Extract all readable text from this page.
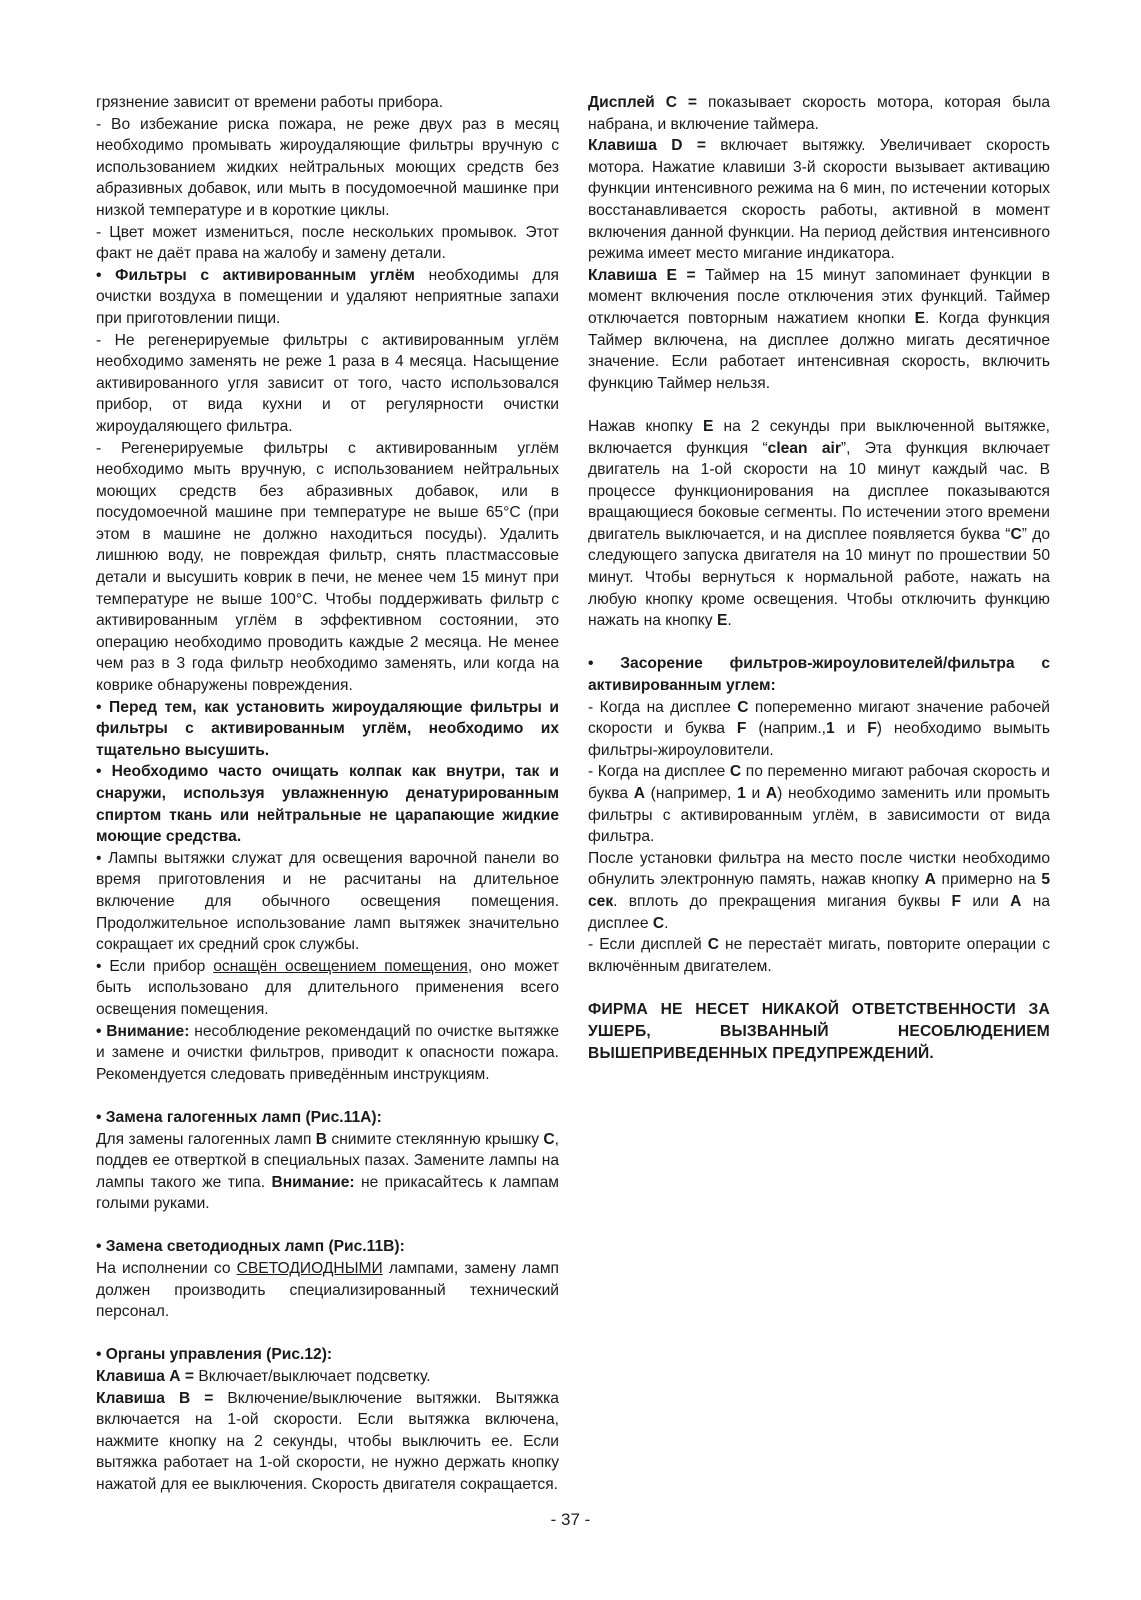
грязнение зависит от времени работы прибора.

- Во избежание риска пожара, не реже двух раз в месяц необходимо промывать жироудаляющие фильтры вручную с использованием жидких нейтральных моющих средств без абразивных добавок, или мыть в посудомоечной машинке при низкой температуре и в короткие циклы.

- Цвет может измениться, после нескольких промывок. Этот факт не даёт права на жалобу и замену детали.

• Фильтры с активированным углём необходимы для очистки воздуха в помещении и удаляют неприятные запахи при приготовлении пищи.

- Не регенерируемые фильтры с активированным углём необходимо заменять не реже 1 раза в 4 месяца. Насыщение активированного угля зависит от того, часто использовался прибор, от вида кухни и от регулярности очистки жироудаляющего фильтра.

- Регенерируемые фильтры с активированным углём необходимо мыть вручную, с использованием нейтральных моющих средств без абразивных добавок, или в посудомоечной машине при температуре не выше 65°C (при этом в машине не должно находиться посуды). Удалить лишнюю воду, не повреждая фильтр, снять пластмассовые детали и высушить коврик в печи, не менее чем 15 минут при температуре не выше 100°C. Чтобы поддерживать фильтр с активированным углём в эффективном состоянии, это операцию необходимо проводить каждые 2 месяца. Не менее чем раз в 3 года фильтр необходимо заменять, или когда на коврике обнаружены повреждения.

• Перед тем, как установить жироудаляющие фильтры и фильтры с активированным углём, необходимо их тщательно высушить.

• Необходимо часто очищать колпак как внутри, так и снаружи, используя увлажненную денатурированным спиртом ткань или нейтральные не царапающие жидкие моющие средства.

• Лампы вытяжки служат для освещения варочной панели во время приготовления и не расчитаны на длительное включение для обычного освещения помещения. Продолжительное использование ламп вытяжек значительно сокращает их средний срок службы.

• Если прибор оснащён освещением помещения, оно может быть использовано для длительного применения всего освещения помещения.

• Внимание: несоблюдение рекомендаций по очистке вытяжке и замене и очистки фильтров, приводит к опасности пожара. Рекомендуется следовать приведённым инструкциям.

• Замена галогенных ламп (Рис.11А):

Для замены галогенных ламп B снимите стеклянную крышку C, поддев ее отверткой в специальных пазах. Замените лампы на лампы такого же типа. Внимание: не прикасайтесь к лампам голыми руками.

• Замена светодиодных ламп (Рис.11B):

На исполнении со СВЕТОДИОДНЫМИ лампами, замену ламп должен производить специализированный технический персонал.

• Органы управления (Рис.12):

Клавиша А = Включает/выключает подсветку.

Клавиша В = Включение/выключение вытяжки. Вытяжка включается на 1-ой скорости. Если вытяжка включена, нажмите кнопку на 2 секунды, чтобы выключить ее. Если вытяжка работает на 1-ой скорости, не нужно держать кнопку нажатой для ее выключения. Скорость двигателя сокращается.

Дисплей С = показывает скорость мотора, которая была набрана, и включение таймера.

Клавиша D = включает вытяжку. Увеличивает скорость мотора. Нажатие клавиши 3-й скорости вызывает активацию функции интенсивного режима на 6 мин, по истечении которых восстанавливается скорость работы, активной в момент включения данной функции. На период действия интенсивного режима имеет место мигание индикатора.

Клавиша Е = Таймер на 15 минут запоминает функции в момент включения после отключения этих функций. Таймер отключается повторным нажатием кнопки E. Когда функция Таймер включена, на дисплее должно мигать десятичное значение. Если работает интенсивная скорость, включить функцию Таймер нельзя.

Нажав кнопку E на 2 секунды при выключенной вытяжке, включается функция “clean air”, Эта функция включает двигатель на 1-ой скорости на 10 минут каждый час. В процессе функционирования на дисплее показываются вращающиеся боковые сегменты. По истечении этого времени двигатель выключается, и на дисплее появляется буква “C” до следующего запуска двигателя на 10 минут по прошествии 50 минут. Чтобы вернуться к нормальной работе, нажать на любую кнопку кроме освещения. Чтобы отключить функцию нажать на кнопку E.

• Засорение фильтров-жироуловителей/фильтра с активированным углем:

- Когда на дисплее C попеременно мигают значение рабочей скорости и буква F (наприм.,1 и F) необходимо вымыть фильтры-жироуловители.

- Когда на дисплее C по переменно мигают рабочая скорость и буква A (например, 1 и A) необходимо заменить или промыть фильтры с активированным углём, в зависимости от вида фильтра.

После установки фильтра на место после чистки необходимо обнулить электронную память, нажав кнопку A примерно на 5 сек. вплоть до прекращения мигания буквы F или A на дисплее C.

- Если дисплей C не перестаёт мигать, повторите операции с включённым двигателем.

ФИРМА НЕ НЕСЕТ НИКАКОЙ ОТВЕТСТВЕННОСТИ ЗА УШЕРБ, ВЫЗВАННЫЙ НЕСОБЛЮДЕНИЕМ ВЫШЕПРИВЕДЕННЫХ ПРЕДУПРЕЖДЕНИЙ.

- 37 -
